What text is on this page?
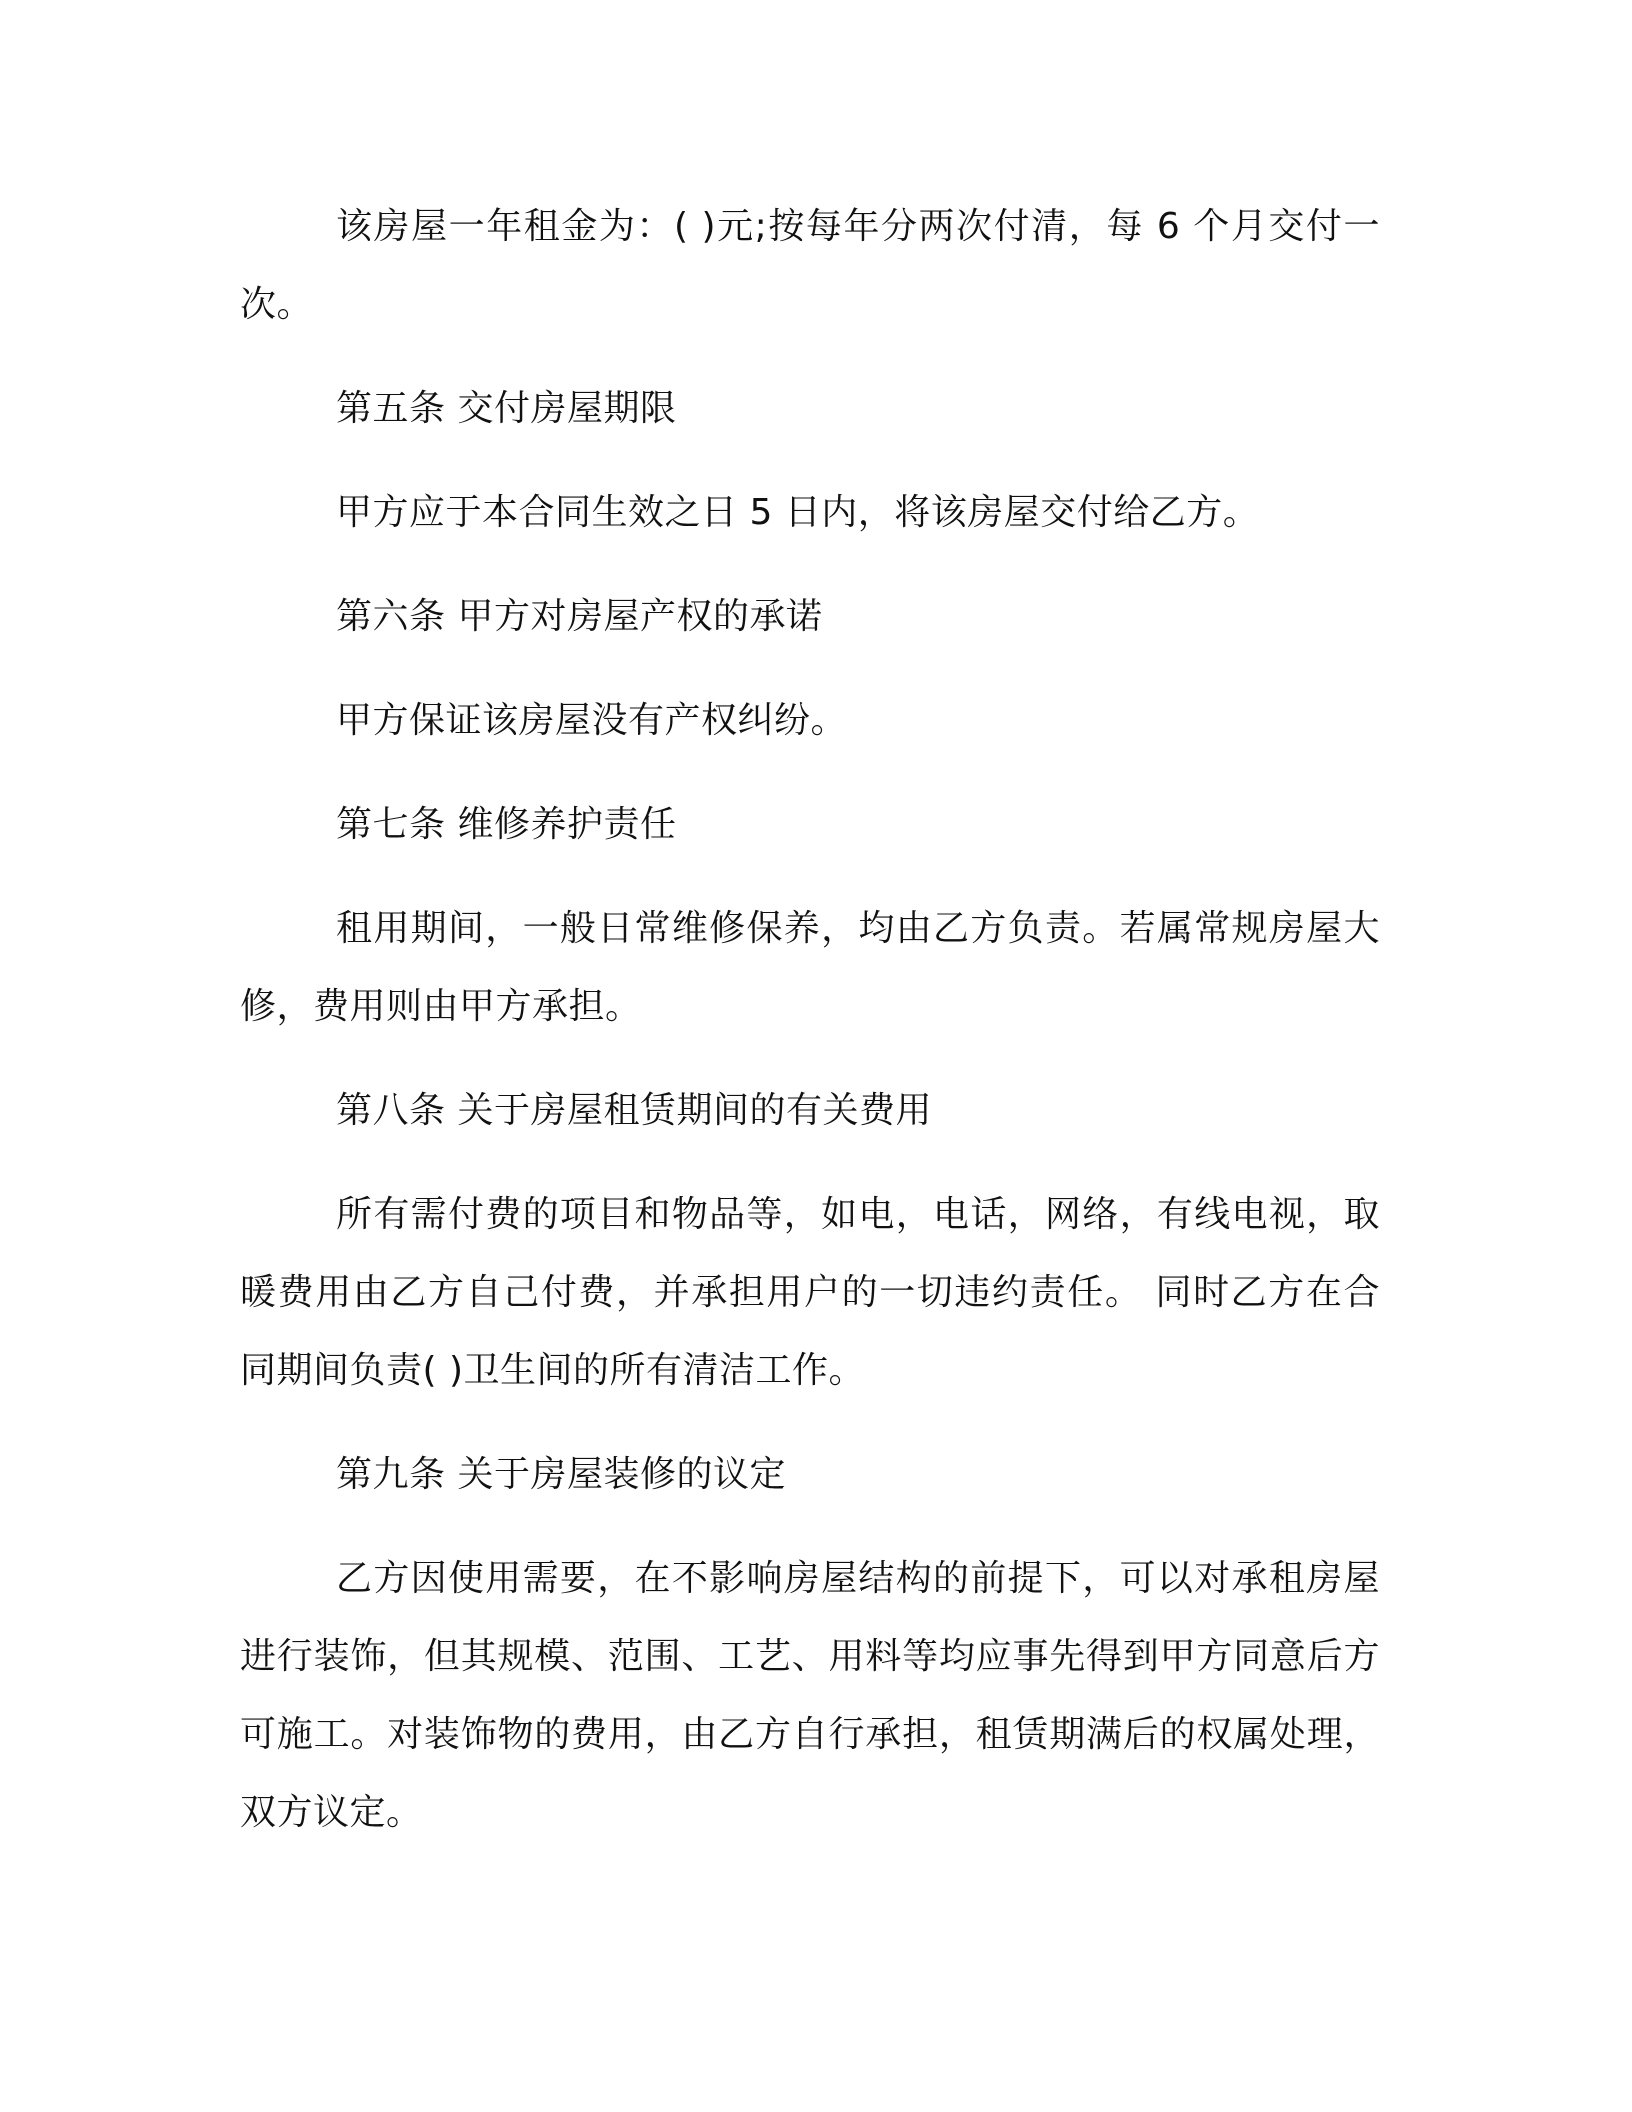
该房屋一年租金为：( )元;按每年分两次付清，每 6 个月交付一次。

第五条 交付房屋期限

甲方应于本合同生效之日 5 日内，将该房屋交付给乙方。

第六条 甲方对房屋产权的承诺

甲方保证该房屋没有产权纠纷。

第七条 维修养护责任

租用期间，一般日常维修保养，均由乙方负责。若属常规房屋大修，费用则由甲方承担。

第八条 关于房屋租赁期间的有关费用

所有需付费的项目和物品等，如电，电话，网络，有线电视，取暖费用由乙方自己付费，并承担用户的一切违约责任。 同时乙方在合同期间负责( )卫生间的所有清洁工作。

第九条 关于房屋装修的议定

乙方因使用需要，在不影响房屋结构的前提下，可以对承租房屋进行装饰，但其规模、范围、工艺、用料等均应事先得到甲方同意后方可施工。对装饰物的费用，由乙方自行承担，租赁期满后的权属处理，双方议定。
